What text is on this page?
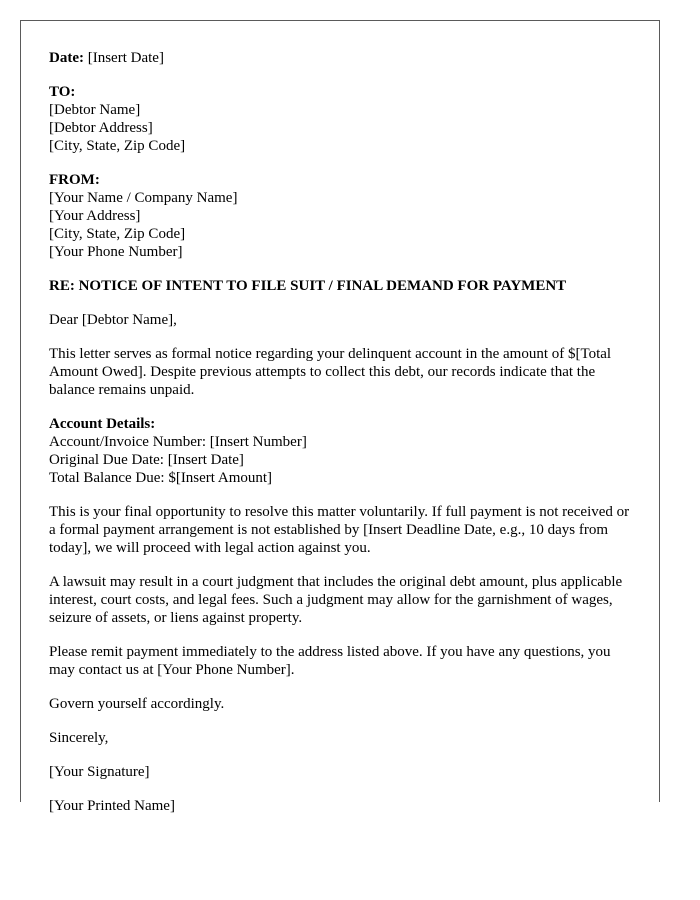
Date: [Insert Date]
TO:
[Debtor Name]
[Debtor Address]
[City, State, Zip Code]
FROM:
[Your Name / Company Name]
[Your Address]
[City, State, Zip Code]
[Your Phone Number]
RE: NOTICE OF INTENT TO FILE SUIT / FINAL DEMAND FOR PAYMENT
Dear [Debtor Name],
This letter serves as formal notice regarding your delinquent account in the amount of $[Total Amount Owed]. Despite previous attempts to collect this debt, our records indicate that the balance remains unpaid.
Account Details:
Account/Invoice Number: [Insert Number]
Original Due Date: [Insert Date]
Total Balance Due: $[Insert Amount]
This is your final opportunity to resolve this matter voluntarily. If full payment is not received or a formal payment arrangement is not established by [Insert Deadline Date, e.g., 10 days from today], we will proceed with legal action against you.
A lawsuit may result in a court judgment that includes the original debt amount, plus applicable interest, court costs, and legal fees. Such a judgment may allow for the garnishment of wages, seizure of assets, or liens against property.
Please remit payment immediately to the address listed above. If you have any questions, you may contact us at [Your Phone Number].
Govern yourself accordingly.
Sincerely,
[Your Signature]
[Your Printed Name]
